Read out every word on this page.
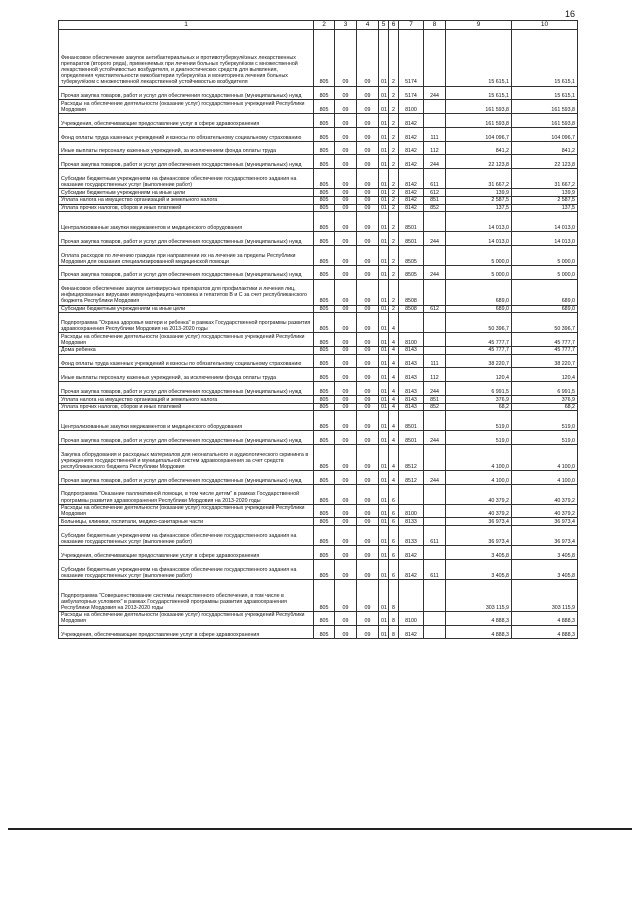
16
1	2	3	4	5	6	7	8	9	10
Финансовое обеспечение закупок антибактериальных и противотуберкулёзных лекарственных препаратов (второго ряда), применяемых при лечении больных туберкулёзом с множественной лекарственной устойчивостью возбудителя, и диагностических средств для выявления, определения чувствительности микобактерии туберкулёза и мониторинга лечения больных туберкулёзом с множественной лекарственной устойчивостью возбудителя	805	09	09	01	2	5174		15 615,1	15 615,1
Прочая закупка товаров, работ и услуг для обеспечения государственных (муниципальных) нужд	805	09	09	01	2	5174	244	15 615,1	15 615,1
Расходы на обеспечение деятельности (оказание услуг) государственных учреждений Республики Мордовия	805	09	09	01	2	8100		161 593,8	161 593,8
Учреждения, обеспечивающие предоставление услуг в сфере здравоохранения	805	09	09	01	2	8142		161 593,8	161 593,8
Фонд оплаты труда казенных учреждений и взносы по обязательному социальному страхованию	805	09	09	01	2	8142	111	104 096,7	104 096,7
Иные выплаты персоналу казенных учреждений, за исключением фонда оплаты труда	805	09	09	01	2	8142	112	841,2	841,2
Прочая закупка товаров, работ и услуг для обеспечения государственных (муниципальных) нужд	805	09	09	01	2	8142	244	22 123,8	22 123,8
Субсидии бюджетным учреждениям на финансовое обеспечение государственного задания на оказание государственных услуг (выполнение работ)	805	09	09	01	2	8142	611	31 667,2	31 667,2
Субсидии бюджетным учреждениям на иные цели	805	09	09	01	2	8142	612	139,9	139,9
Уплата налога на имущество организаций и земельного налога	805	09	09	01	2	8142	851	2 587,5	2 587,5
Уплата прочих налогов, сборов и иных платежей	805	09	09	01	2	8142	852	137,5	137,5
Централизованные закупки медикаментов и медицинского оборудования	805	09	09	01	2	8501		14 013,0	14 013,0
Прочая закупка товаров, работ и услуг для обеспечения государственных (муниципальных) нужд	805	09	09	01	2	8501	244	14 013,0	14 013,0
Оплата расходов по лечению граждан при направлении их на лечение за пределы Республики Мордовия для оказания специализированной медицинской помощи	805	09	09	01	2	8505		5 000,0	5 000,0
Прочая закупка товаров, работ и услуг для обеспечения государственных (муниципальных) нужд	805	09	09	01	2	8505	244	5 000,0	5 000,0
Финансовое обеспечение закупок антивирусных препаратов для профилактики и лечения лиц, инфицированных вирусами иммунодефицита человека и гепатитов В и С за счет республиканского бюджета Республики Мордовия	805	09	09	01	2	8508		689,0	689,0
Субсидии бюджетным учреждениям на иные цели	805	09	09	01	2	8508	612	689,0	689,0
Подпрограмма "Охрана здоровья матери и ребенка" в рамках Государственной программы развития здравоохранения Республики Мордовия на 2013-2020 годы	805	09	09	01	4			50 396,7	50 396,7
Расходы на обеспечение деятельности (оказание услуг) государственных учреждений Республики Мордовия	805	09	09	01	4	8100		45 777,7	45 777,7
Дома ребенка	805	09	09	01	4	8143		45 777,7	45 777,7
Фонд оплаты труда казенных учреждений и взносы по обязательному социальному страхованию	805	09	09	01	4	8143	111	38 220,7	38 220,7
Иные выплаты персоналу казенных учреждений, за исключением фонда оплаты труда	805	09	09	01	4	8143	112	120,4	120,4
Прочая закупка товаров, работ и услуг для обеспечения государственных (муниципальных) нужд	805	09	09	01	4	8143	244	6 991,5	6 991,5
Уплата налога на имущество организаций и земельного налога	805	09	09	01	4	8143	851	376,9	376,9
Уплата прочих налогов, сборов и иных платежей	805	09	09	01	4	8143	852	68,2	68,2
Централизованные закупки медикаментов и медицинского оборудования	805	09	09	01	4	8501		519,0	519,0
Прочая закупка товаров, работ и услуг для обеспечения государственных (муниципальных) нужд	805	09	09	01	4	8501	244	519,0	519,0
Закупка оборудования и расходных материалов для неонатального и аудиологического скрининга в учреждениях государственной и муниципальной систем здравоохранения за счет средств республиканского бюджета Республики Мордовия	805	09	09	01	4	8512		4 100,0	4 100,0
Прочая закупка товаров, работ и услуг для обеспечения государственных (муниципальных) нужд	805	09	09	01	4	8512	244	4 100,0	4 100,0
Подпрограмма "Оказание паллиативной помощи, в том числе детям" в рамках Государственной программы развития здравоохранения Республики Мордовия на 2013-2020 годы	805	09	09	01	6			40 379,2	40 379,2
Расходы на обеспечение деятельности (оказание услуг) государственных учреждений Республики Мордовия	805	09	09	01	6	8100		40 379,2	40 379,2
Больницы, клиники, госпитали, медико-санитарные части	805	09	09	01	6	8133		36 973,4	36 973,4
Субсидии бюджетным учреждениям на финансовое обеспечение государственного задания на оказание государственных услуг (выполнение работ)	805	09	09	01	6	8133	611	36 973,4	36 973,4
Учреждения, обеспечивающие предоставление услуг в сфере здравоохранения	805	09	09	01	6	8142		3 405,8	3 405,8
Субсидии бюджетным учреждениям на финансовое обеспечение государственного задания на оказание государственных услуг (выполнение работ)	805	09	09	01	6	8142	611	3 405,8	3 405,8
Подпрограмма "Совершенствование системы лекарственного обеспечения, в том числе в амбулаторных условиях" в рамках Государственной программы развития здравоохранения Республики Мордовия на 2013-2020 годы	805	09	09	01	8			303 115,9	303 115,9
Расходы на обеспечение деятельности (оказание услуг) государственных учреждений Республики Мордовия	805	09	09	01	8	8100		4 888,3	4 888,3
Учреждения, обеспечивающие предоставление услуг в сфере здравоохранения	805	09	09	01	8	8142		4 888,3	4 888,3
